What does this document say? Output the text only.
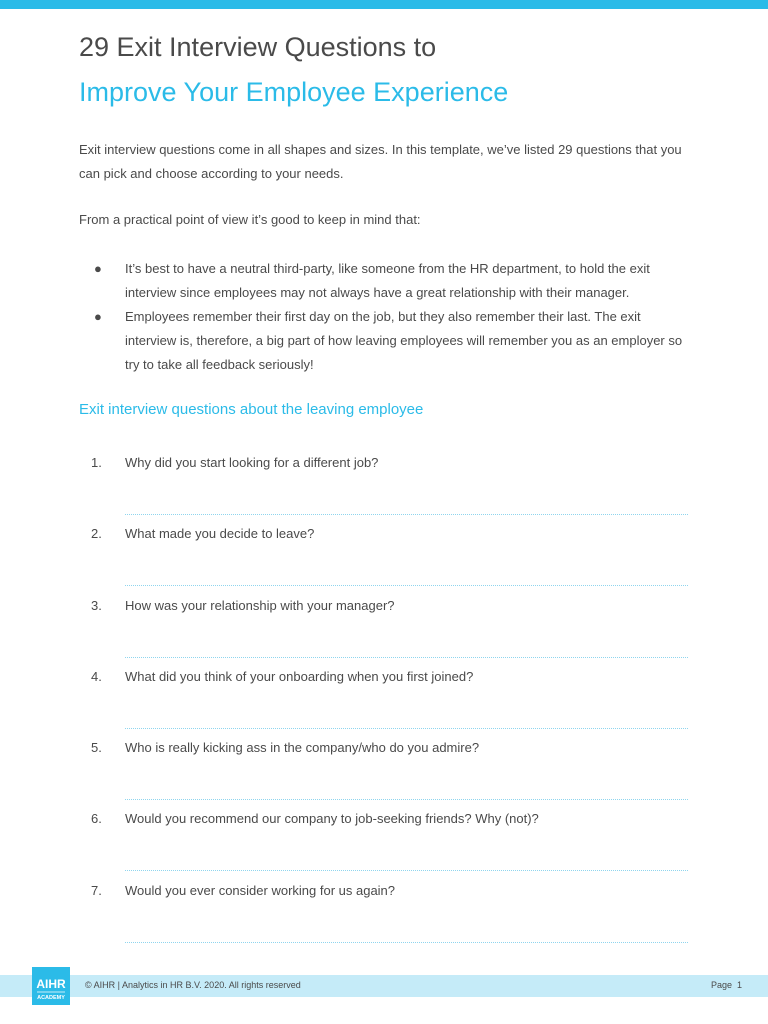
29 Exit Interview Questions to
Improve Your Employee Experience

Exit interview questions come in all shapes and sizes. In this template, we’ve listed 29 questions that you can pick and choose according to your needs.

From a practical point of view it’s good to keep in mind that:

● It’s best to have a neutral third-party, like someone from the HR department, to hold the exit interview since employees may not always have a great relationship with their manager.
● Employees remember their first day on the job, but they also remember their last. The exit interview is, therefore, a big part of how leaving employees will remember you as an employer so try to take all feedback seriously!
Exit interview questions about the leaving employee
1. Why did you start looking for a different job?
2. What made you decide to leave?
3. How was your relationship with your manager?
4. What did you think of your onboarding when you first joined?
5. Who is really kicking ass in the company/who do you admire?
6. Would you recommend our company to job-seeking friends? Why (not)?
7. Would you ever consider working for us again?
AIHR
ACADEMY
© AIHR | Analytics in HR B.V. 2020. All rights reserved	Page 1
